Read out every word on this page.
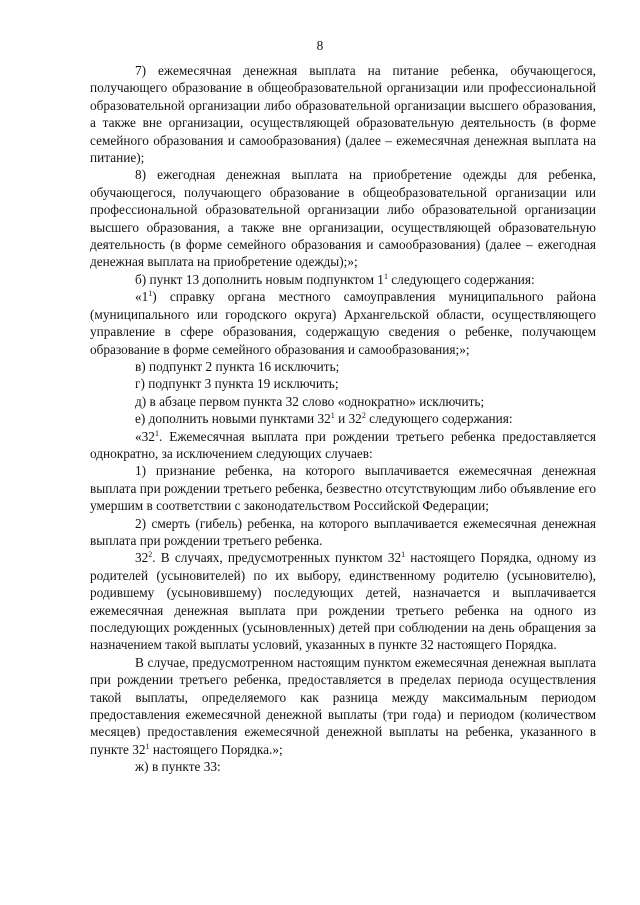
8

7) ежемесячная денежная выплата на питание ребенка, обучающегося, получающего образование в общеобразовательной организации или профессиональной образовательной организации либо образовательной организации высшего образования, а также вне организации, осуществляющей образовательную деятельность (в форме семейного образования и самообразования) (далее – ежемесячная денежная выплата на питание);

8) ежегодная денежная выплата на приобретение одежды для ребенка, обучающегося, получающего образование в общеобразовательной организации или профессиональной образовательной организации либо образовательной организации высшего образования, а также вне организации, осуществляющей образовательную деятельность (в форме семейного образования и самообразования) (далее – ежегодная денежная выплата на приобретение одежды);»;

б) пункт 13 дополнить новым подпунктом $1^1$ следующего содержания:

«$1^1$) справку органа местного самоуправления муниципального района (муниципального или городского округа) Архангельской области, осуществляющего управление в сфере образования, содержащую сведения о ребенке, получающем образование в форме семейного образования и самообразования;»;

в) подпункт 2 пункта 16 исключить;

г) подпункт 3 пункта 19 исключить;

д) в абзаце первом пункта 32 слово «однократно» исключить;

е) дополнить новыми пунктами $32^1$ и $32^2$ следующего содержания:

«$32^1$. Ежемесячная выплата при рождении третьего ребенка предоставляется однократно, за исключением следующих случаев:

1) признание ребенка, на которого выплачивается ежемесячная денежная выплата при рождении третьего ребенка, безвестно отсутствующим либо объявление его умершим в соответствии с законодательством Российской Федерации;

2) смерть (гибель) ребенка, на которого выплачивается ежемесячная денежная выплата при рождении третьего ребенка.

$32^2$. В случаях, предусмотренных пунктом $32^1$ настоящего Порядка, одному из родителей (усыновителей) по их выбору, единственному родителю (усыновителю), родившему (усыновившему) последующих детей, назначается и выплачивается ежемесячная денежная выплата при рождении третьего ребенка на одного из последующих рожденных (усыновленных) детей при соблюдении на день обращения за назначением такой выплаты условий, указанных в пункте 32 настоящего Порядка.

В случае, предусмотренном настоящим пунктом ежемесячная денежная выплата при рождении третьего ребенка, предоставляется в пределах периода осуществления такой выплаты, определяемого как разница между максимальным периодом предоставления ежемесячной денежной выплаты (три года) и периодом (количеством месяцев) предоставления ежемесячной денежной выплаты на ребенка, указанного в пункте $32^1$ настоящего Порядка.»;

ж) в пункте 33:
